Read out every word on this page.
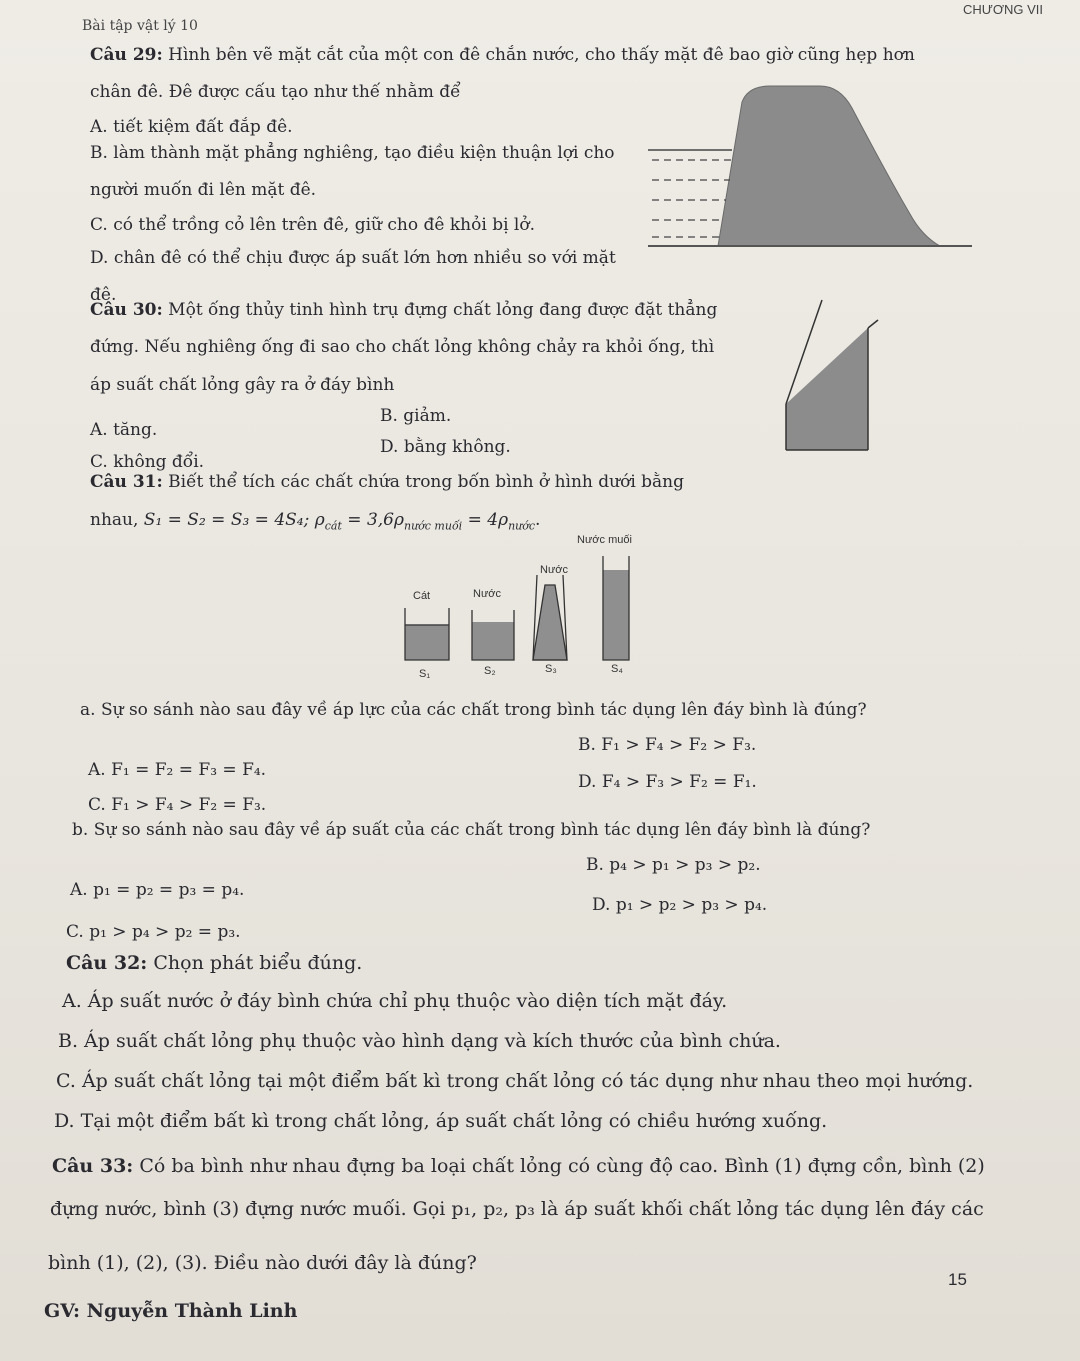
Bài tập vật lý 10
CHƯƠNG VII
Câu 29: Hình bên vẽ mặt cắt của một con đê chắn nước, cho thấy mặt đê bao giờ cũng hẹp hơn
chân đê. Đê được cấu tạo như thế nhằm để
A. tiết kiệm đất đắp đê.
B. làm thành mặt phẳng nghiêng, tạo điều kiện thuận lợi cho
người muốn đi lên mặt đê.
C. có thể trồng cỏ lên trên đê, giữ cho đê khỏi bị lở.
D. chân đê có thể chịu được áp suất lớn hơn nhiều so với mặt
đê.
Câu 30: Một ống thủy tinh hình trụ đựng chất lỏng đang được đặt thẳng
đứng. Nếu nghiêng ống đi sao cho chất lỏng không chảy ra khỏi ống, thì
áp suất chất lỏng gây ra ở đáy bình
A. tăng.
B. giảm.
C. không đổi.
D. bằng không.
Câu 31: Biết thể tích các chất chứa trong bốn bình ở hình dưới bằng
nhau, S₁ = S₂ = S₃ = 4S₄; $\rho_{cát} = 3,6\rho_{nước muối} = 4\rho_{nước}$.
Nước muối
Nước
Cát	Nước
S₁	S₂	S₃	S₄
a. Sự so sánh nào sau đây về áp lực của các chất trong bình tác dụng lên đáy bình là đúng?
A. F₁ = F₂ = F₃ = F₄.
B. F₁ > F₄ > F₂ > F₃.
C. F₁ > F₄ > F₂ = F₃.
D. F₄ > F₃ > F₂ = F₁.
b. Sự so sánh nào sau đây về áp suất của các chất trong bình tác dụng lên đáy bình là đúng?
A. p₁ = p₂ = p₃ = p₄.
B. p₄ > p₁ > p₃ > p₂.
C. p₁ > p₄ > p₂ = p₃.
D. p₁ > p₂ > p₃ > p₄.
Câu 32: Chọn phát biểu đúng.
A. Áp suất nước ở đáy bình chứa chỉ phụ thuộc vào diện tích mặt đáy.
B. Áp suất chất lỏng phụ thuộc vào hình dạng và kích thước của bình chứa.
C. Áp suất chất lỏng tại một điểm bất kì trong chất lỏng có tác dụng như nhau theo mọi hướng.
D. Tại một điểm bất kì trong chất lỏng, áp suất chất lỏng có chiều hướng xuống.
Câu 33: Có ba bình như nhau đựng ba loại chất lỏng có cùng độ cao. Bình (1) đựng cồn, bình (2)
đựng nước, bình (3) đựng nước muối. Gọi p₁, p₂, p₃ là áp suất khối chất lỏng tác dụng lên đáy các
bình (1), (2), (3). Điều nào dưới đây là đúng?
15
GV: Nguyễn Thành Linh
